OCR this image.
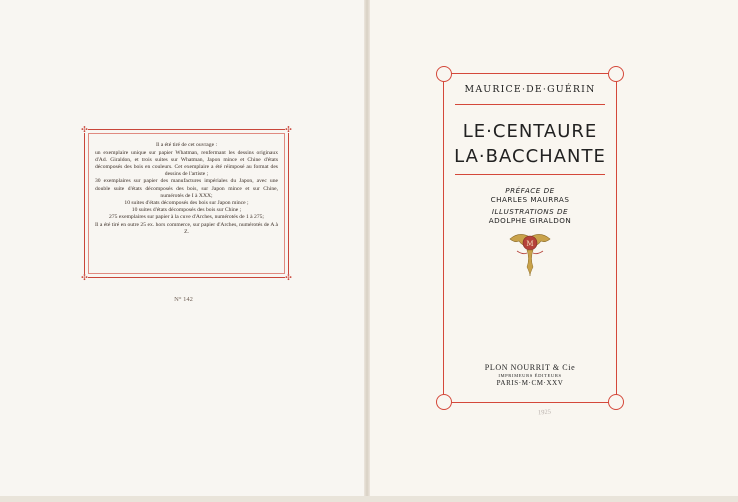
✣	✣
✣	✣

Il a été tiré de cet ouvrage :

un exemplaire unique sur papier Whatman, renfermant les dessins originaux d'Ad. Giraldon, et trois suites sur Whatman, Japon mince et Chine d'états décomposés des bois en couleurs. Cet exemplaire a été réimposé au format des dessins de l'artiste ;

30 exemplaires sur papier des manufactures impériales du Japon, avec une double suite d'états décomposés des bois, sur Japon mince et sur Chine, numérotés de I à XXX;

10 suites d'états décomposés des bois sur Japon mince ;

10 suites d'états décomposés des bois sur Chine ;

275 exemplaires sur papier à la cuve d'Arches, numérotés de 1 à 275;

Il a été tiré en outre 25 ex. hors commerce, sur papier d'Arches, numérotés de A à Z.

N° 142
MAURICE·DE·GUÉRIN
LE·CENTAURE
LA·BACCHANTE
PRÉFACE DE
CHARLES MAURRAS
ILLUSTRATIONS DE
ADOLPHE GIRALDON
M
PLON NOURRIT & Cie
IMPRIMEURS ÉDITEURS
PARIS·M·CM·XXV
1925
